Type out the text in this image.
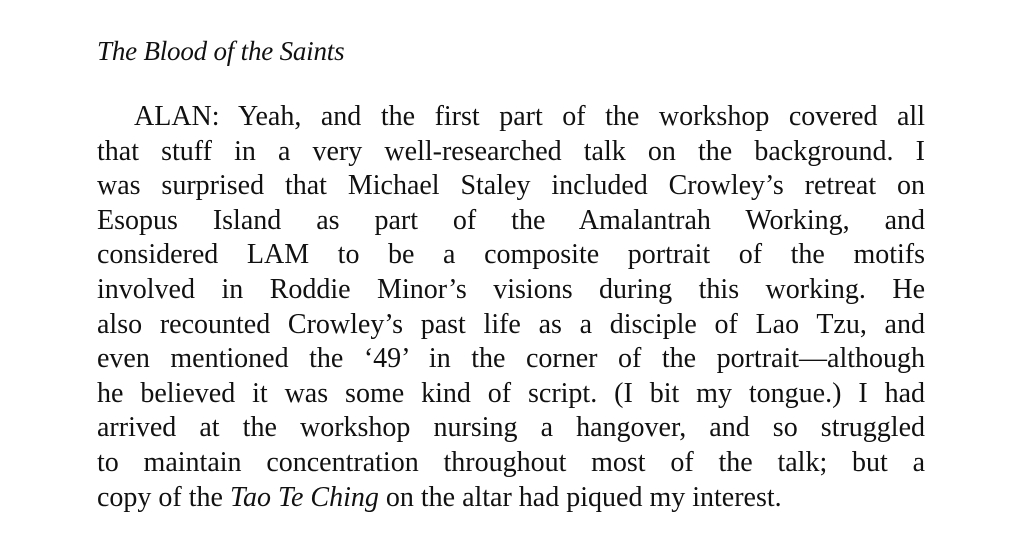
The Blood of the Saints
ALAN: Yeah, and the first part of the workshop covered all
that stuff in a very well-researched talk on the background. I
was surprised that Michael Staley included Crowley’s retreat on
Esopus Island as part of the Amalantrah Working, and
considered LAM to be a composite portrait of the motifs
involved in Roddie Minor’s visions during this working. He
also recounted Crowley’s past life as a disciple of Lao Tzu, and
even mentioned the ‘49’ in the corner of the portrait—although
he believed it was some kind of script. (I bit my tongue.) I had
arrived at the workshop nursing a hangover, and so struggled
to maintain concentration throughout most of the talk; but a
copy of the Tao Te Ching on the altar had piqued my interest.
